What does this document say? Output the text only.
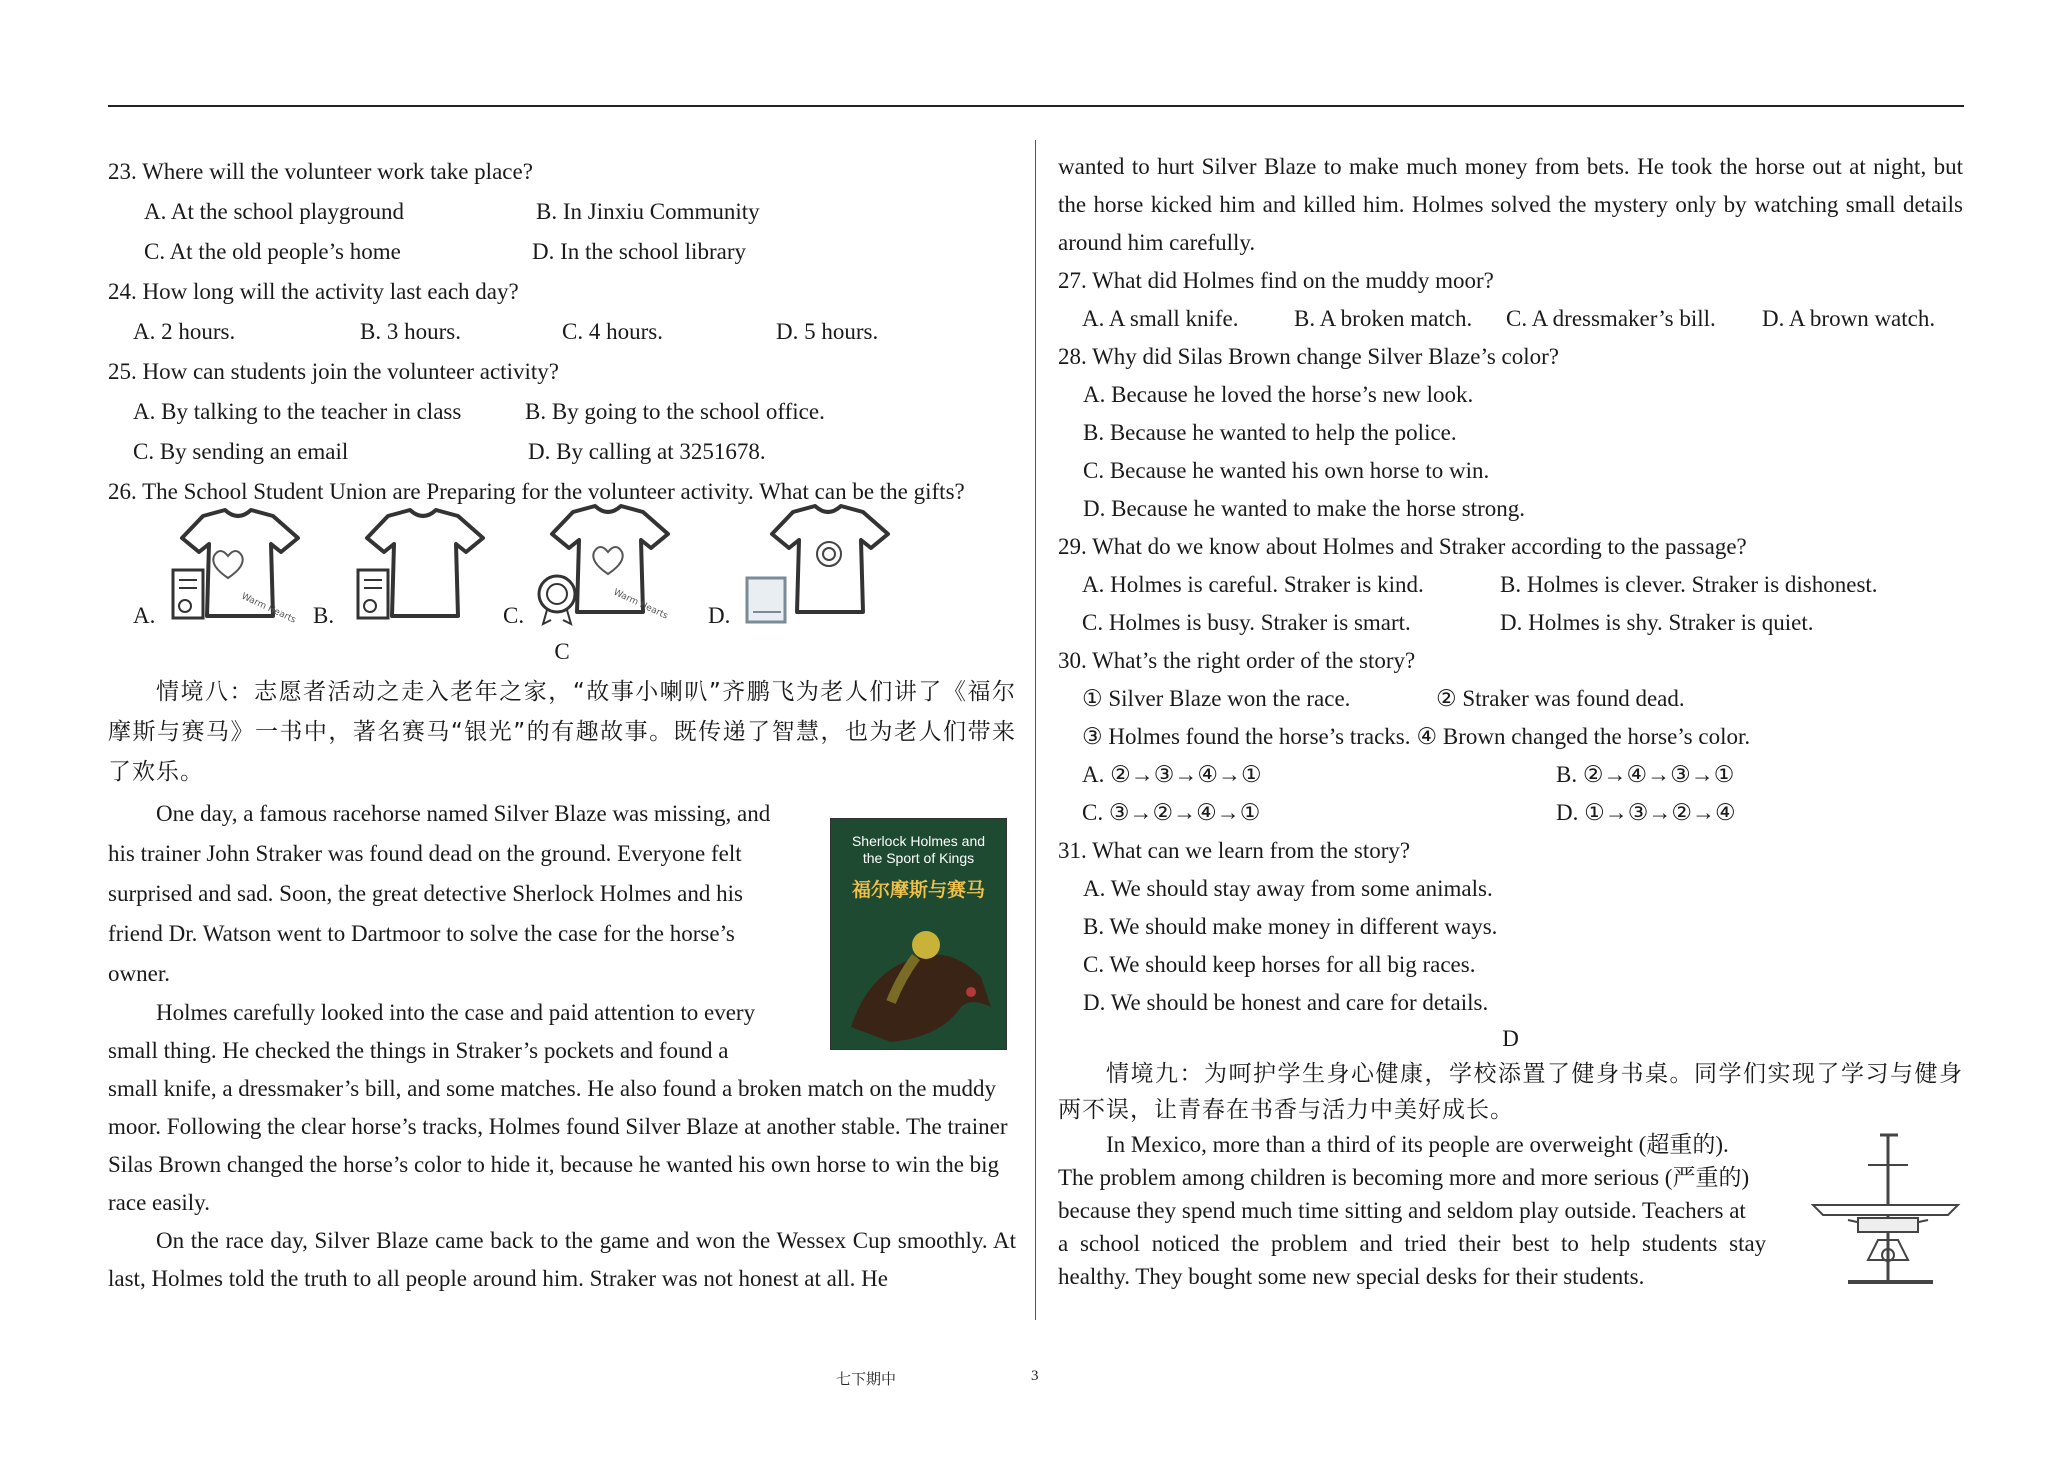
23. Where will the volunteer work take place?

A. At the school playground	B. In Jinxiu Community
C. At the old people’s home	D. In the school library

24. How long will the activity last each day?

A. 2 hours.	B. 3 hours.	C. 4 hours.	D. 5 hours.

25. How can students join the volunteer activity?

A. By talking to the teacher in class	B. By going to the school office.
C. By sending an email	D. By calling at 3251678.

26. The School Student Union are Preparing for the volunteer activity. What can be the gifts?

A.	Warm Hearts B.	C.	Warm Hearts D.

C

情境八：志愿者活动之走入老年之家，“故事小喇叭”齐鹏飞为老人们讲了《福尔摩斯与赛马》一书中，著名赛马“银光”的有趣故事。既传递了智慧，也为老人们带来了欢乐。

One day, a famous racehorse named Silver Blaze was missing, and

his trainer John Straker was found dead on the ground. Everyone felt

surprised and sad. Soon, the great detective Sherlock Holmes and his

friend Dr. Watson went to Dartmoor to solve the case for the horse’s

owner.

Holmes carefully looked into the case and paid attention to every

small thing. He checked the things in Straker’s pockets and found a

small knife, a dressmaker’s bill, and some matches. He also found a broken match on the muddy moor. Following the clear horse’s tracks, Holmes found Silver Blaze at another stable. The trainer Silas Brown changed the horse’s color to hide it, because he wanted his own horse to win the big race easily.

On the race day, Silver Blaze came back to the game and won the Wessex Cup smoothly. At last, Holmes told the truth to all people around him. Straker was not honest at all. He

Sherlock Holmes and the Sport of Kings
福尔摩斯与赛马

wanted to hurt Silver Blaze to make much money from bets. He took the horse out at night, but the horse kicked him and killed him. Holmes solved the mystery only by watching small details around him carefully.

27. What did Holmes find on the muddy moor?

A. A small knife.	B. A broken match.	C. A dressmaker’s bill.	D. A brown watch.

28. Why did Silas Brown change Silver Blaze’s color?

A. Because he loved the horse’s new look.

B. Because he wanted to help the police.

C. Because he wanted his own horse to win.

D. Because he wanted to make the horse strong.

29. What do we know about Holmes and Straker according to the passage?

A. Holmes is careful. Straker is kind.	B. Holmes is clever. Straker is dishonest.
C. Holmes is busy. Straker is smart.	D. Holmes is shy. Straker is quiet.

30. What’s the right order of the story?

① Silver Blaze won the race.	② Straker was found dead.
③ Holmes found the horse’s tracks. ④ Brown changed the horse’s color.
A. ②→③→④→①	B. ②→④→③→①
C. ③→②→④→①	D. ①→③→②→④

31. What can we learn from the story?

A. We should stay away from some animals.

B. We should make money in different ways.

C. We should keep horses for all big races.

D. We should be honest and care for details.

D

情境九：为呵护学生身心健康，学校添置了健身书桌。同学们实现了学习与健身两不误，让青春在书香与活力中美好成长。

In Mexico, more than a third of its people are overweight (超重的).

The problem among children is becoming more and more serious (严重的)

because they spend much time sitting and seldom play outside. Teachers at

a school noticed the problem and tried their best to help students stay

healthy. They bought some new special desks for their students.

七下期中	3
